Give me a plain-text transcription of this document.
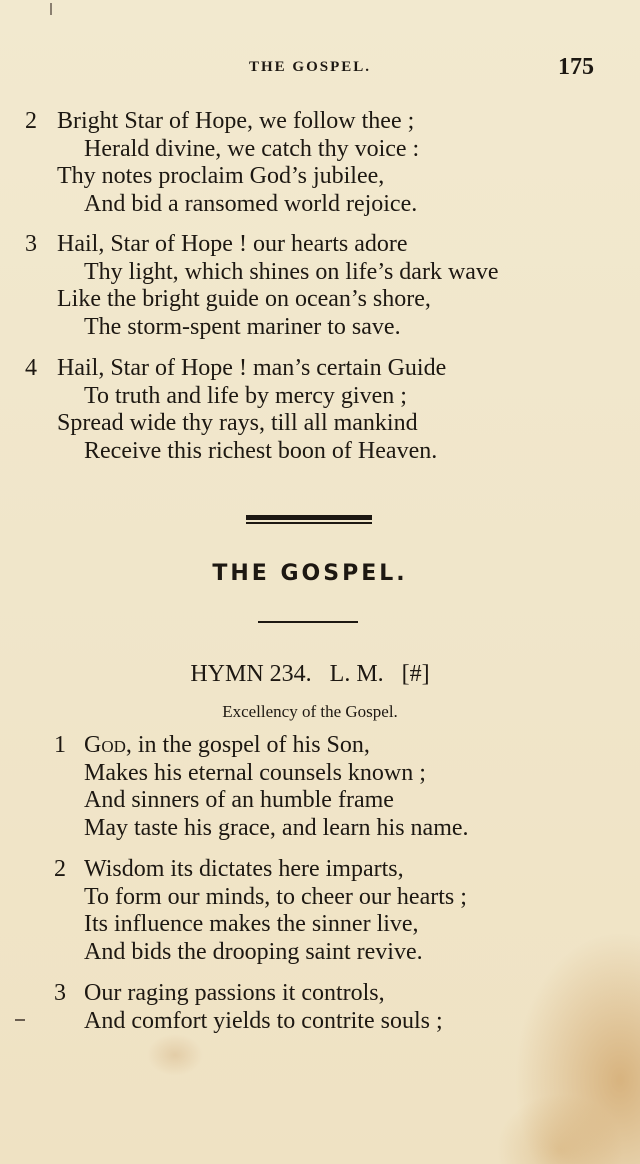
THE GOSPEL.	175
2 Bright Star of Hope, we follow thee ;
Herald divine, we catch thy voice :
Thy notes proclaim God’s jubilee,
And bid a ransomed world rejoice.
3 Hail, Star of Hope ! our hearts adore
Thy light, which shines on life’s dark wave
Like the bright guide on ocean’s shore,
The storm-spent mariner to save.
4 Hail, Star of Hope ! man’s certain Guide
To truth and life by mercy given ;
Spread wide thy rays, till all mankind
Receive this richest boon of Heaven.
THE GOSPEL.
HYMN 234.   L. M.   [#]
Excellency of the Gospel.
1 God, in the gospel of his Son,
Makes his eternal counsels known ;
And sinners of an humble frame
May taste his grace, and learn his name.
2 Wisdom its dictates here imparts,
To form our minds, to cheer our hearts ;
Its influence makes the sinner live,
And bids the drooping saint revive.
3 Our raging passions it controls,
And comfort yields to contrite souls ;
